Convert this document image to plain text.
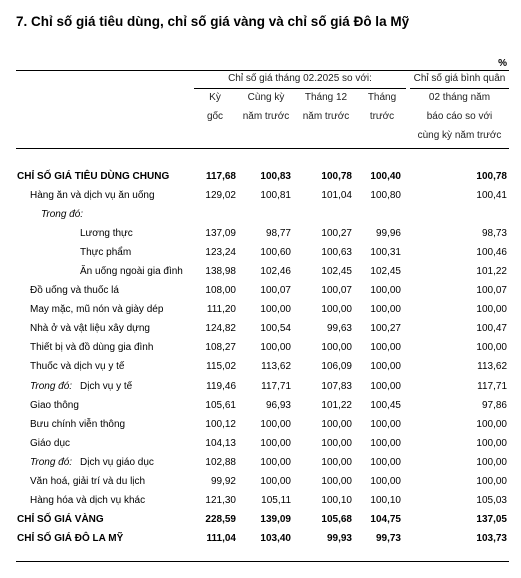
7. Chỉ số giá tiêu dùng, chỉ số giá vàng và chỉ số giá Đô la Mỹ
%
Chỉ số giá tháng 02.2025 so với:	Chỉ số giá bình quân
02 tháng năm
báo cáo so với
cùng kỳ năm trước
Kỳ
gốc
Cùng kỳ
năm trước
Tháng 12
năm trước
Tháng
trước
CHỈ SỐ GIÁ TIÊU DÙNG CHUNG	117,68 100,83	100,78 100,40	100,78
Hàng ăn và dịch vụ ăn uống	129,02 100,81	101,04 100,80	100,41
Trong đó:
Lương thực	137,09	98,77	100,27 99,96	98,73
Thực phẩm	123,24 100,60	100,63 100,31	100,46
Ăn uống ngoài gia đình 138,98 102,46	102,45 102,45	101,22
Đồ uống và thuốc lá	108,00 100,07	100,07 100,00	100,07
May mặc, mũ nón và giày dép	111,20 100,00	100,00 100,00	100,00
Nhà ở và vật liệu xây dựng	124,82 100,54	99,63 100,27	100,47
Thiết bị và đồ dùng gia đình	108,27 100,00	100,00 100,00	100,00
Thuốc và dịch vụ y tế	115,02	113,62	106,09 100,00	113,62
Trong đó: Dịch vụ y tế	119,46	117,71	107,83 100,00	117,71
Giao thông	105,61	96,93	101,22 100,45	97,86
Bưu chính viễn thông	100,12 100,00	100,00 100,00	100,00
Giáo dục	104,13 100,00	100,00 100,00	100,00
Trong đó: Dịch vụ giáo dục	102,88 100,00	100,00 100,00	100,00
Văn hoá, giải trí và du lịch	99,92 100,00	100,00 100,00	100,00
Hàng hóa và dịch vụ khác	121,30	105,11	100,10 100,10	105,03
CHỈ SỐ GIÁ VÀNG	228,59 139,09	105,68 104,75	137,05
CHỈ SỐ GIÁ ĐÔ LA MỸ	111,04 103,40	99,93 99,73	103,73
